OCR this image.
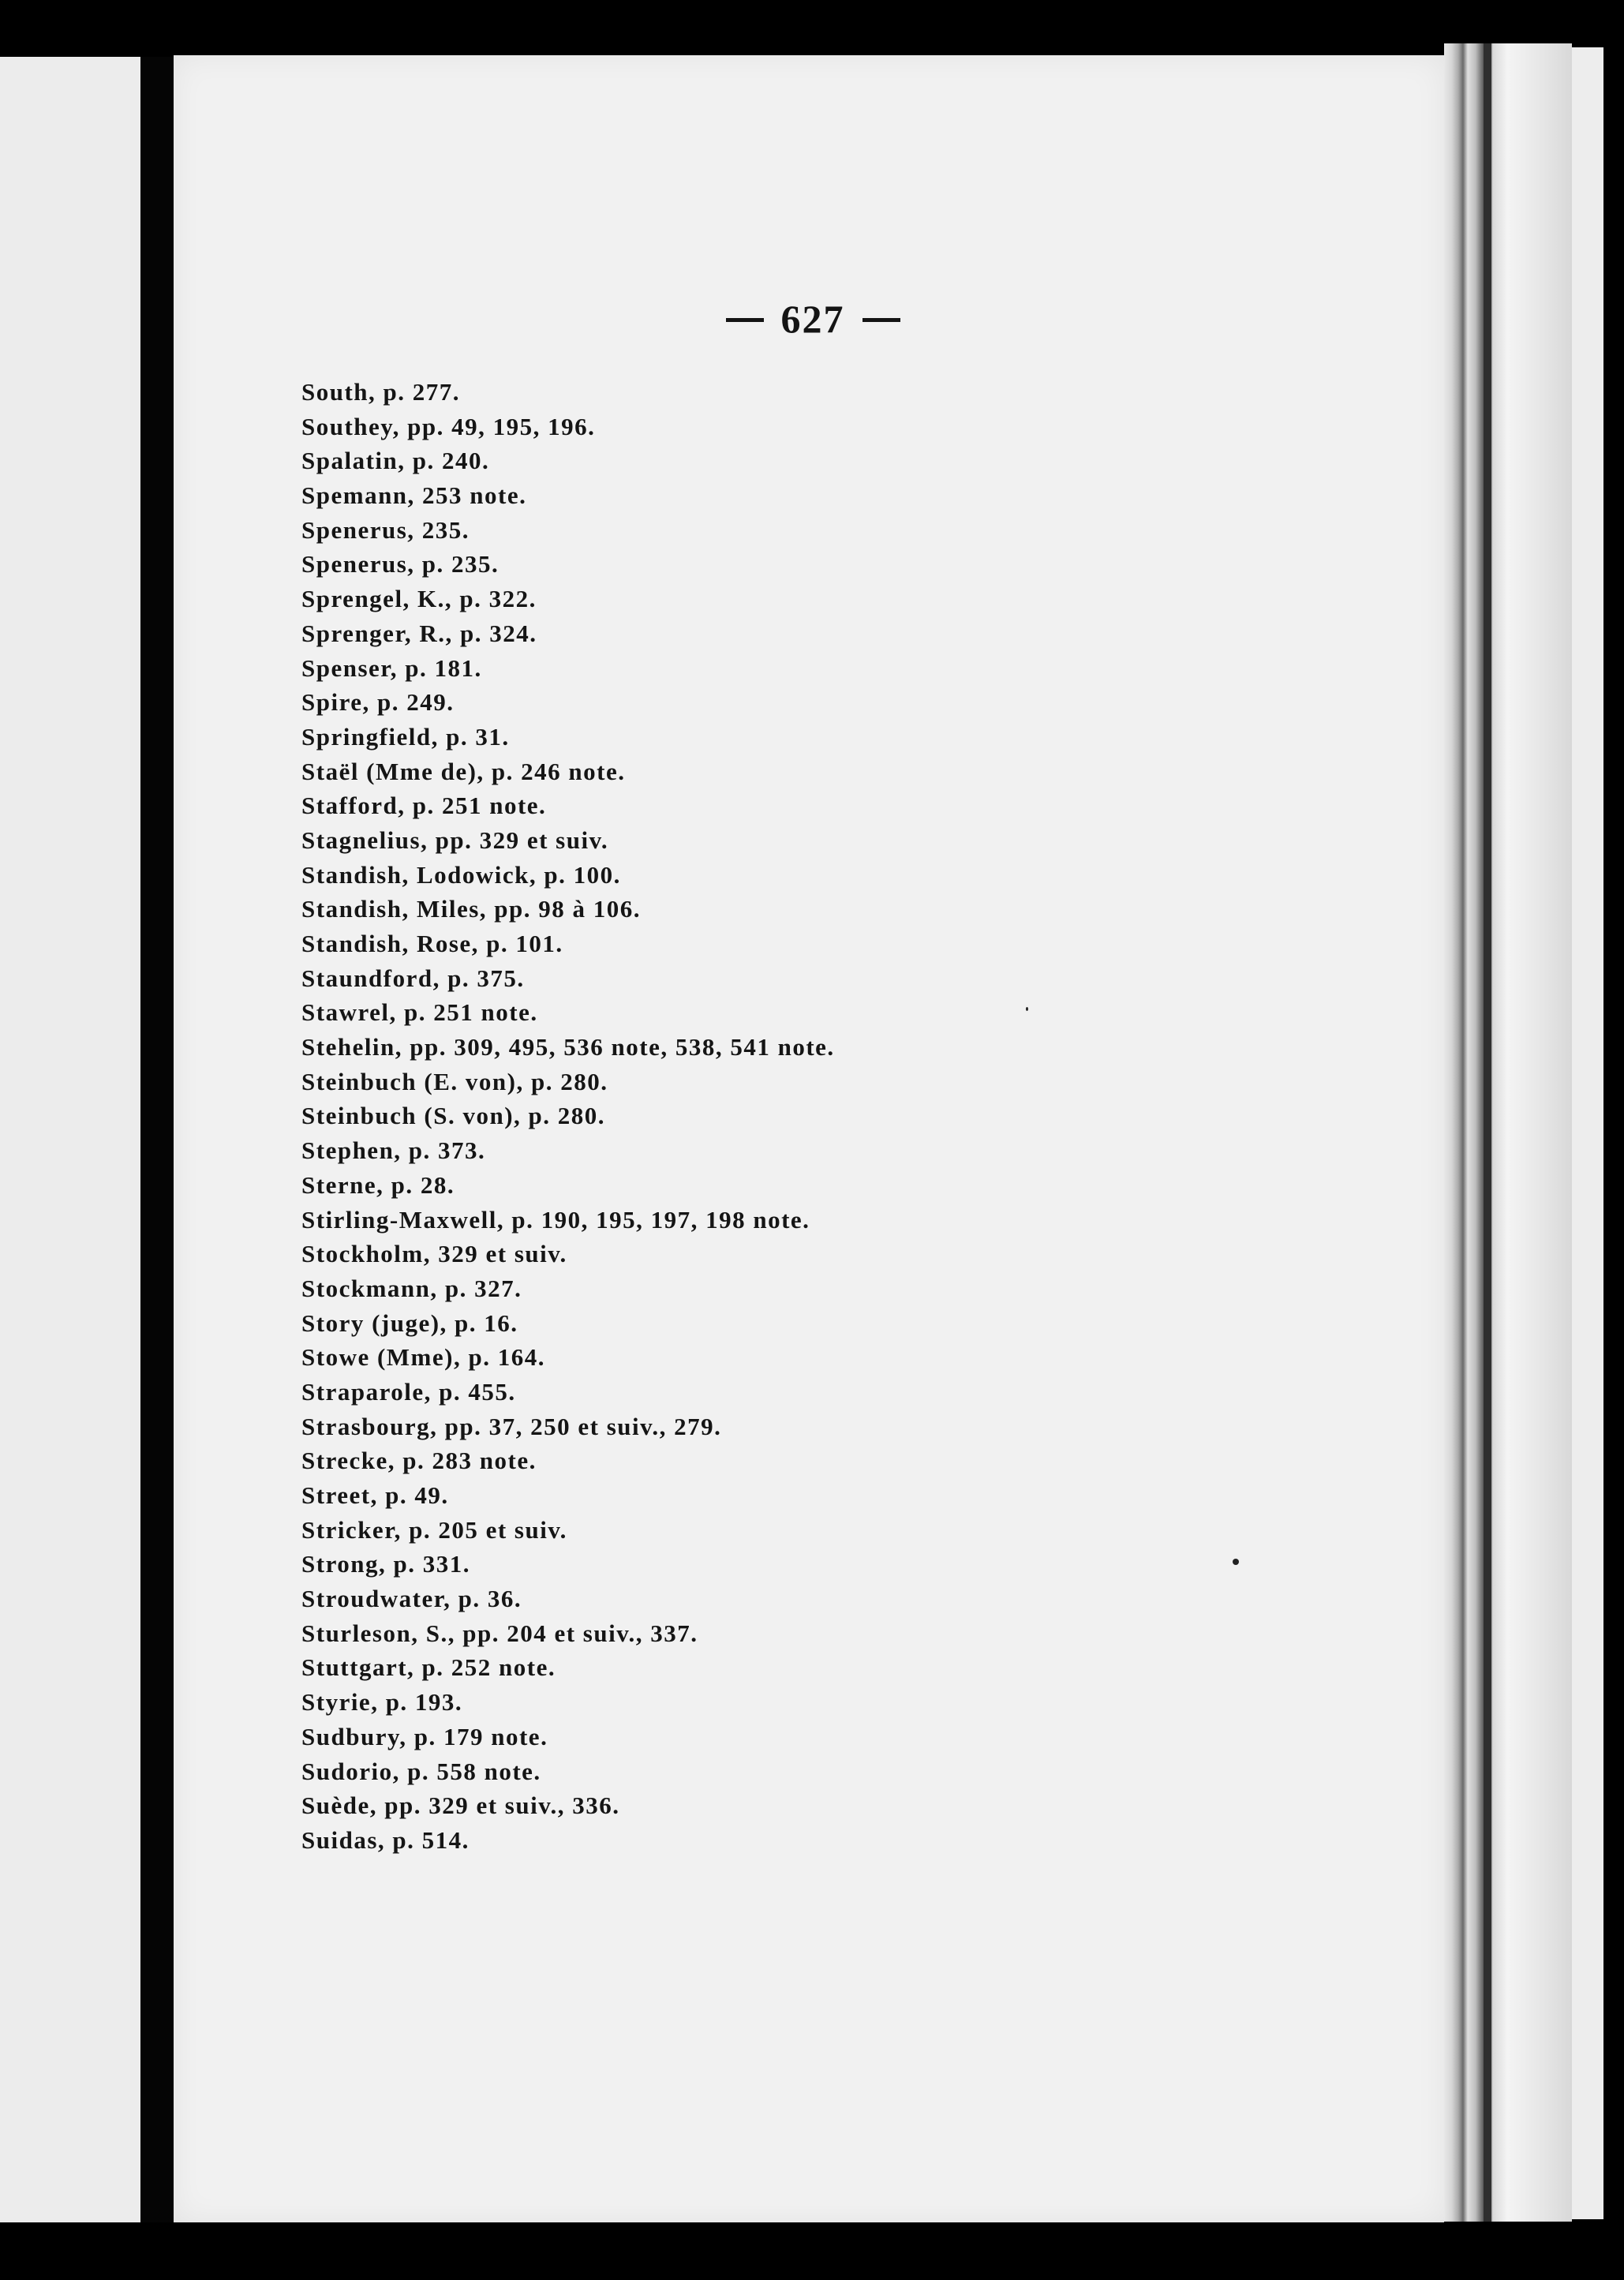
627
South, p. 277.
Southey, pp. 49, 195, 196.
Spalatin, p. 240.
Spemann, 253 note.
Spenerus, 235.
Spenerus, p. 235.
Sprengel, K., p. 322.
Sprenger, R., p. 324.
Spenser, p. 181.
Spire, p. 249.
Springfield, p. 31.
Staël (Mme de), p. 246 note.
Stafford, p. 251 note.
Stagnelius, pp. 329 et suiv.
Standish, Lodowick, p. 100.
Standish, Miles, pp. 98 à 106.
Standish, Rose, p. 101.
Staundford, p. 375.
Stawrel, p. 251 note.
Stehelin, pp. 309, 495, 536 note, 538, 541 note.
Steinbuch (E. von), p. 280.
Steinbuch (S. von), p. 280.
Stephen, p. 373.
Sterne, p. 28.
Stirling-Maxwell, p. 190, 195, 197, 198 note.
Stockholm, 329 et suiv.
Stockmann, p. 327.
Story (juge), p. 16.
Stowe (Mme), p. 164.
Straparole, p. 455.
Strasbourg, pp. 37, 250 et suiv., 279.
Strecke, p. 283 note.
Street, p. 49.
Stricker, p. 205 et suiv.
Strong, p. 331.
Stroudwater, p. 36.
Sturleson, S., pp. 204 et suiv., 337.
Stuttgart, p. 252 note.
Styrie, p. 193.
Sudbury, p. 179 note.
Sudorio, p. 558 note.
Suède, pp. 329 et suiv., 336.
Suidas, p. 514.
